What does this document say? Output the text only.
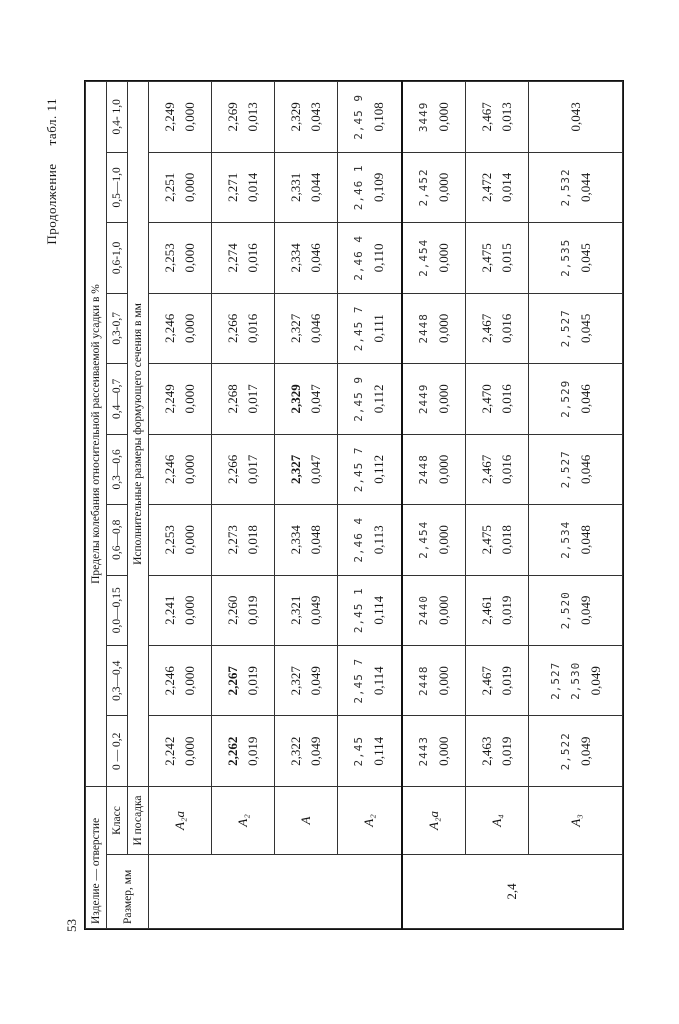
53
Продолжениетабл. 11
Изделие — отверстие		Пределы колебания относительной рассеиваемой усадки в %									
Размер, мм	Класс	0 — 0,2	0,3—0,4	0,0—0,15	0,6—0,8	0,3—0,6	0,4—0,7	0,3-0,7	0,6-1,0	0,5—1,0	0,4- 1,0
	И посадка	Исполнительные размеры формующего сечения в мм									
	A₂a	2,242 0,000	2,246 0,000	2,241 0,000	2,253 0,000	2,246 0,000	2,249 0,000	2,246 0,000	2,253 0,000	2,251 0,000	2,249 0,000

	A₂	2,262 0,019	2,267 0,019	2,260 0,019	2,273 0,018	2,266 0,017	2,268 0,017	2,266 0,016	2,274 0,016	2,271 0,014	2,269 0,013

	A	2,322 0,049	2,327 0,049	2,321 0,049	2,334 0,048	2,327 0,047	2,329 0,047	2,327 0,046	2,334 0,046	2,331 0,044	2,329 0,043

	A₂	2,45 0,114	2,45 7 0,114	2,45 1 0,114	2,46 4 0,113	2,45 7 0,112	2,45 9 0,112	2,45 7 0,111	2,46 4 0,110	2,46 1 0,109	2,45 9 0,108

2,4	A₂a	2443 0,000	2448 0,000	2440 0,000	2,454 0,000	2448 0,000	2449 0,000	2448 0,000	2,454 0,000	2,452 0,000	3449 0,000

	A₄	2,463 0,019	2,467 0,019	2,461 0,019	2,475 0,018	2,467 0,016	2,470 0,016	2,467 0,016	2,475 0,015	2,472 0,014	2,467 0,013

	A₃	2,522 0,049	2,527 2,530 0,049	2,520 0,049	2,534 0,048	2,527 0,046	2,529 0,046	2,527 0,045	2,535 0,045	2,532 0,044	0,043
